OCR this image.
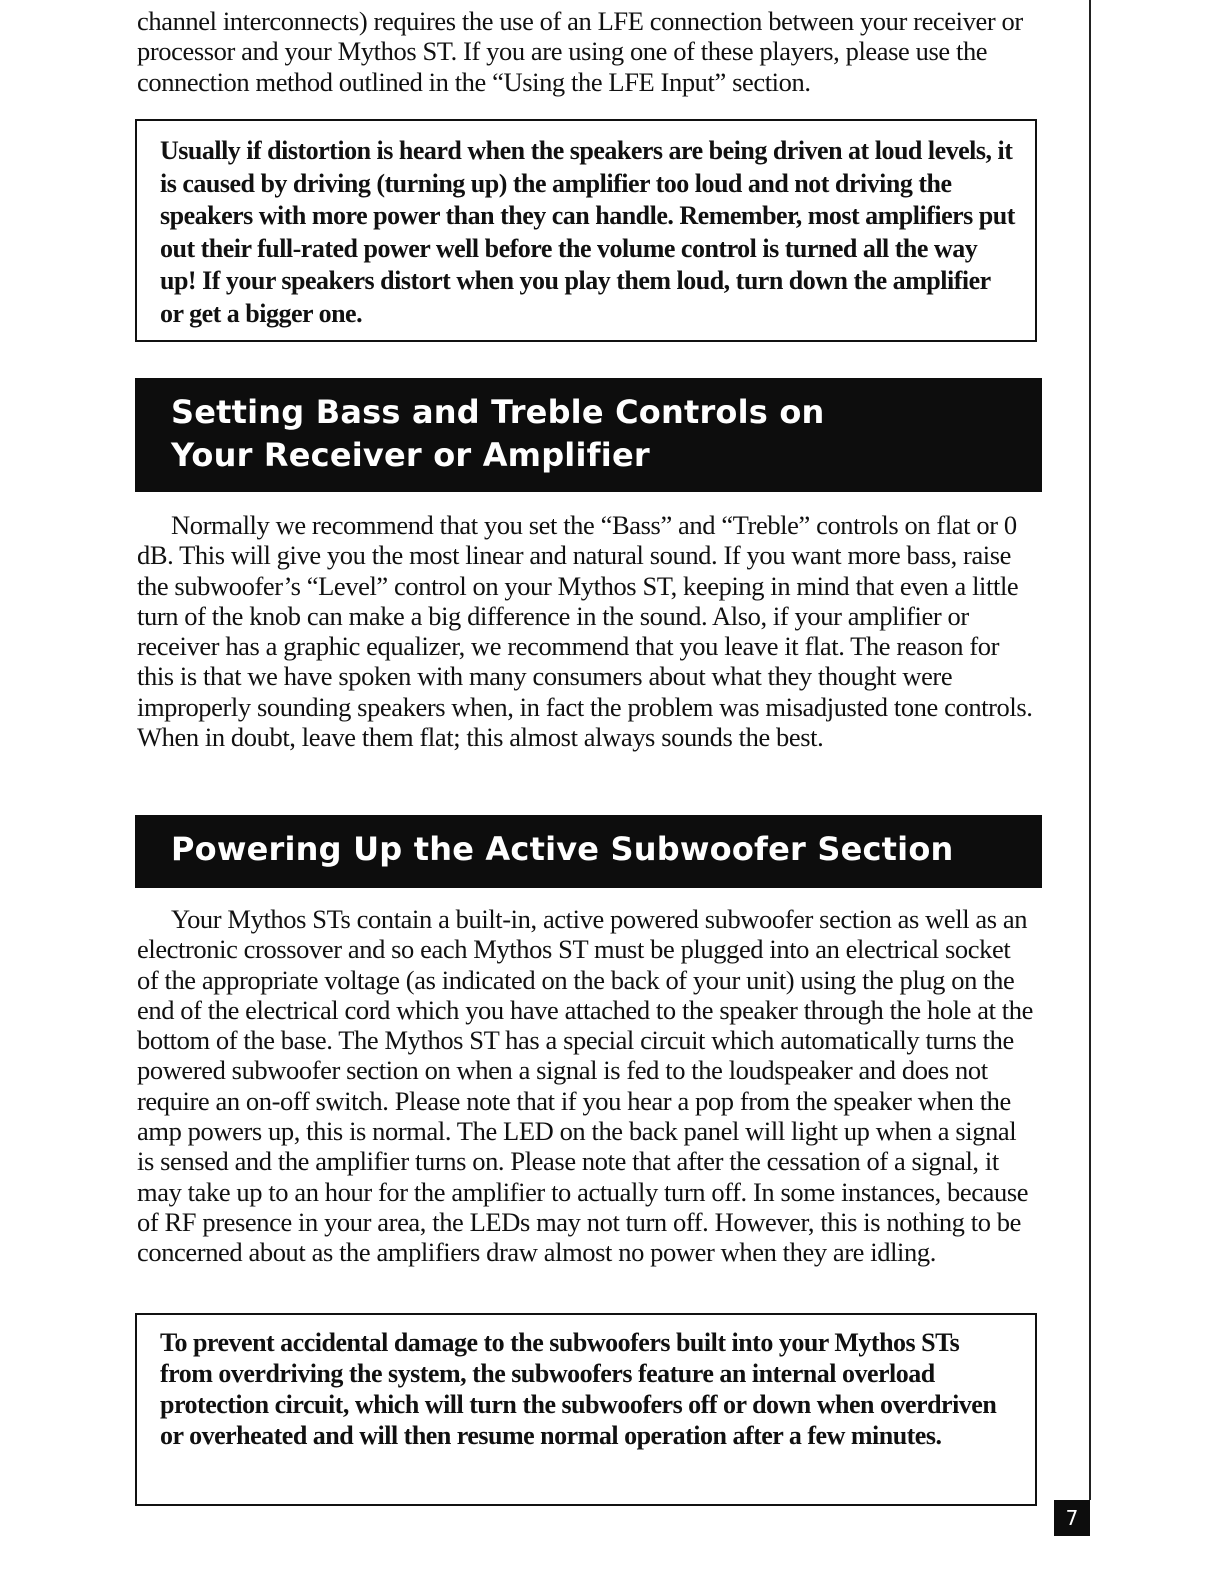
channel interconnects) requires the use of an LFE connection between your receiver or processor and your Mythos ST. If you are using one of these players, please use the connection method outlined in the “Using the LFE Input” section.

Usually if distortion is heard when the speakers are being driven at loud levels, it is caused by driving (turning up) the amplifier too loud and not driving the speakers with more power than they can handle. Remember, most amplifiers put out their full-rated power well before the volume control is turned all the way up! If your speakers distort when you play them loud, turn down the amplifier or get a bigger one.
Setting Bass and Treble Controls on
Your Receiver or Amplifier

Normally we recommend that you set the “Bass” and “Treble” controls on flat or 0 dB. This will give you the most linear and natural sound. If you want more bass, raise the subwoofer’s “Level” control on your Mythos ST, keeping in mind that even a little turn of the knob can make a big difference in the sound. Also, if your amplifier or receiver has a graphic equalizer, we recommend that you leave it flat. The reason for this is that we have spoken with many consumers about what they thought were improperly sounding speakers when, in fact the problem was misadjusted tone controls. When in doubt, leave them flat; this almost always sounds the best.

Powering Up the Active Subwoofer Section

Your Mythos STs contain a built-in, active powered subwoofer section as well as an electronic crossover and so each Mythos ST must be plugged into an electrical socket of the appropriate voltage (as indicated on the back of your unit) using the plug on the end of the electrical cord which you have attached to the speaker through the hole at the bottom of the base. The Mythos ST has a special circuit which automatically turns the powered subwoofer section on when a signal is fed to the loudspeaker and does not require an on-off switch. Please note that if you hear a pop from the speaker when the amp powers up, this is normal. The LED on the back panel will light up when a signal is sensed and the amplifier turns on. Please note that after the cessation of a signal, it may take up to an hour for the amplifier to actually turn off. In some instances, because of RF presence in your area, the LEDs may not turn off. However, this is nothing to be concerned about as the amplifiers draw almost no power when they are idling.

To prevent accidental damage to the subwoofers built into your Mythos STs from overdriving the system, the subwoofers feature an internal overload protection circuit, which will turn the subwoofers off or down when overdriven or overheated and will then resume normal operation after a few minutes.
7
